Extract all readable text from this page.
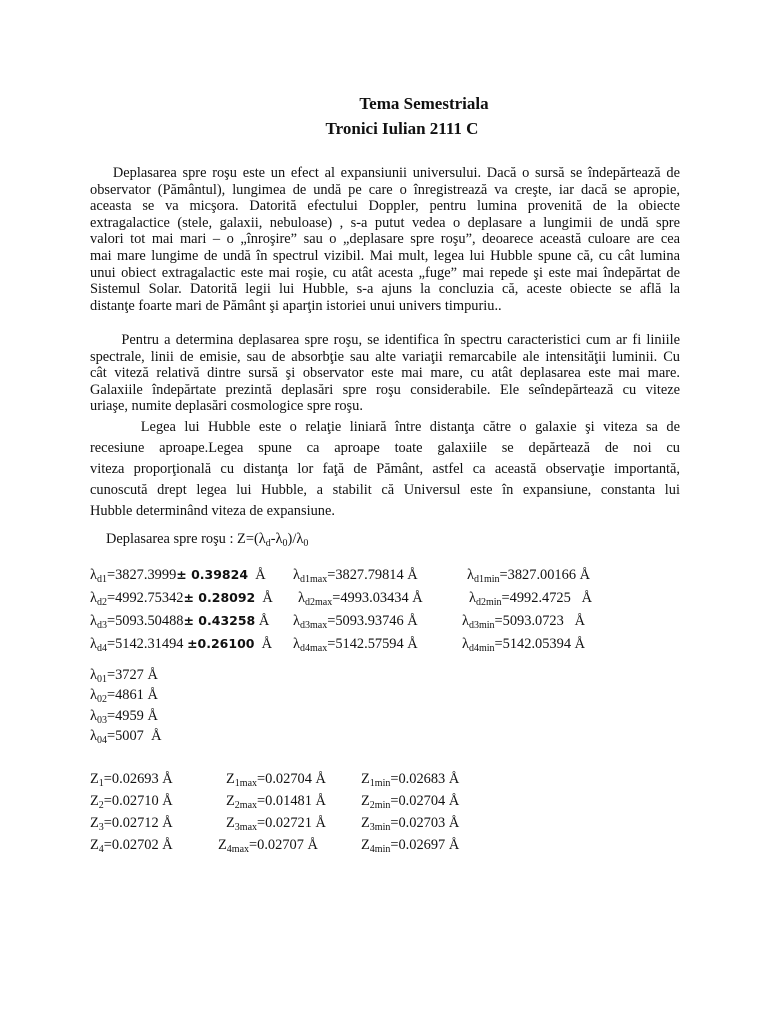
Tema Semestriala
Tronici Iulian 2111 C
Deplasarea spre roşu este un efect al expansiunii universului. Dacă o sursă se îndepărtează de
observator (Pământul), lungimea de undă pe care o înregistrează va creşte, iar dacă se apropie,
aceasta se va micşora. Datorită efectului Doppler, pentru lumina provenită de la obiecte
extragalactice (stele, galaxii, nebuloase) , s-a putut vedea o deplasare a lungimii de undă spre
valori tot mai mari – o „înroşire” sau o „deplasare spre roşu”, deoarece această culoare are cea
mai mare lungime de undă în spectrul vizibil. Mai mult, legea lui Hubble spune că, cu cât lumina
unui obiect extragalactic este mai roşie, cu atât acesta „fuge” mai repede şi este mai îndepărtat de
Sistemul Solar. Datorită legii lui Hubble, s-a ajuns la concluzia că, aceste obiecte se află la
distanţe foarte mari de Pământ şi aparţin istoriei unui univers timpuriu..
Pentru a determina deplasarea spre roşu, se identifica în spectru caracteristici cum ar fi liniile
spectrale, linii de emisie, sau de absorbţie sau alte variaţii remarcabile ale intensităţii luminii. Cu
cât viteză relativă dintre sursă şi observator este mai mare, cu atât deplasarea este mai mare.
Galaxiile îndepărtate prezintă deplasări spre roşu considerabile. Ele seîndepărtează cu viteze
uriaşe, numite deplasări cosmologice spre roşu.
Legea lui Hubble este o relaţie liniară între distanţa către o galaxie şi viteza sa de
recesiune aproape.Legea spune ca aproape toate galaxiile se depărtează de noi cu
viteza proporţională cu distanţa lor faţă de Pământ, astfel ca această observaţie importantă,
cunoscută drept legea lui Hubble, a stabilit că Universul este în expansiune, constanta lui
Hubble determinând viteza de expansiune.
Deplasarea spre roşu : $Z=(\lambda_d-\lambda_0)/\lambda_0$
$\lambda_{d1}=3827.3999\pm 0.39824$  Å $\lambda_{d1max}=3827.79814$ Å	$\lambda_{d1min}=3827.00166$ Å
$\lambda_{d2}=4992.75342\pm 0.28092$  Å $\lambda_{d2max}=4993.03434$ Å	$\lambda_{d2min}=4992.4725$   Å
$\lambda_{d3}=5093.50488\pm 0.43258$ Å $\lambda_{d3max}=5093.93746$ Å	$\lambda_{d3min}=5093.0723$   Å
$\lambda_{d4}=5142.31494 \pm 0.26100$  Å $\lambda_{d4max}=5142.57594$ Å	$\lambda_{d4min}=5142.05394$ Å
$\lambda_{01}=3727$ Å
$\lambda_{02}=4861$ Å
$\lambda_{03}=4959$ Å
$\lambda_{04}=5007$  Å
$Z_1=0.02693$ Å	$Z_{1max}=0.02704$ Å $Z_{1min}=0.02683$ Å
$Z_2=0.02710$ Å	$Z_{2max}=0.01481$ Å $Z_{2min}=0.02704$ Å
$Z_3=0.02712$ Å	$Z_{3max}=0.02721$ Å $Z_{3min}=0.02703$ Å
$Z_4=0.02702$ Å	$Z_{4max}=0.02707$ Å	$Z_{4min}=0.02697$ Å
